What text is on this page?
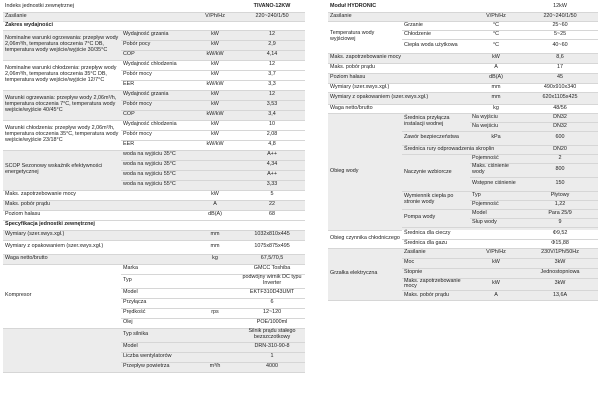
Indeks jednostki zewnętrznej			TIVANO-12KW
Zasilanie		V/Ph/Hz	220~240/1/50
Zakres wydajności			
Nominalne warunki ogrzewania: przepływ wody 2,06m³/h, temperatura otoczenia 7°C DB, temperatura wody wejście/wyjście 30/35°C	Wydajność grzania	kW	12
	Pobór pocy	kW	2,9
	COP	kW/kW	4,14
Nominalne warunki chłodzenia: przepływ wody 2,06m³/h, temperatura otoczenia 35°C DB, temperatura wody wejście/wyjście 12/7°C	Wydajność chłodzenia	kW	12
	Pobór mocy	kW	3,7
	EER	kW/kW	3,3
Warunki ogrzewania: przepływ wody 2,06m³/h, temperatura otoczenia 7°C, temperatura wody wejście/wyjście 40/45°C	Wydajność grzania	kW	12
	Pobór mocy	kW	3,53
	COP	kW/kW	3,4
Warunki chłodzenia: przepływ wody 2,06m³/h, temperatura otoczenia 35°C, temperatura wody wejście/wyjście 23/18°C	Wydajność chłodzenia	kW	10
	Pobór mocy	kW	2,08
	EER	kW/kW	4,8
SCOP Sezonowy wskaźnik efektywności energetycznej	woda na wyjściu 35°C		A++
	woda na wyjściu 35°C		4,34
	woda na wyjściu 55°C		A++
	woda na wyjściu 55°C		3,33
Maks. zapotrzebowanie mocy		kW	5
Maks. pobór prądu		A	22
Poziom hałasu		dB(A)	68
Specyfikacja jednostki zewnętrznej			
Wymiary (szer.xwys.xgł.)		mm	1032x810x445
Wymiary z opakowaniem (szer.xwys.xgł.)		mm	1075x875x495
Waga netto/brutto		kg	67,5/70,5
Kompresor	Marka		GMCC Toshiba
	Typ		podwójny wirnik DC typu Inverter
	Model		EKTF310D43UMT
	Przyłącza		6
	Prędkość	rps	12~120
	Olej		POE/1000ml
	Typ silnika		Silnik prądu stałego bezszczotkowy
	Model		DRN-310-90-8
	Liczba wentylatorów		1
	Przepływ powietrza	m³/h	4000
Moduł HYDRONIC			12kW
Zasilanie		V/Ph/Hz	220~240/1/50
Temperatura wody wyjściowej	Grzanie	°C	25~60
	Chłodzenie	°C	5~25
	Ciepła woda użytkowa	°C	40~60
Maks. zapotrzebowanie mocy		kW	8,6
Maks. pobór prądu		A	17
Poziom hałasu		dB(A)	45
Wymiary (szer.xwys.xgł.)		mm	490x910x340
Wymiary z opakowaniem (szer.xwys.xgł.)		mm	620x1105x425
Waga netto/brutto		kg	48/56
Obieg wody	Średnica przyłącza instalacji wodnej	Na wyjściu	DN32
		Na wejściu	DN32
	Zawór bezpieczeństwa	kPa	600
	Średnica rury odprowadzenia skroplin		DN20
	Naczynie wzbiorcze	Pojemność	2
		Maks. ciśnienie wody	800
		Wstępne ciśnienie	150
	Wymiennik ciepła po stronie wody	Typ	Płytowy
		Pojemność	1,22
	Pompa wody	Model	Para 25/9
		Słup wody	9

Obieg czynnika chłodniczego	Średnica dla cieczy		Φ9,52
	Średnica dla gazu		Φ15,88
Grzałka elektryczna	Zasilanie	V/Ph/Hz	230V/1Ph/50Hz
	Moc	kW	3kW
	Stopnie		Jednostopniowa
	Maks. zapotrzebowanie mocy	kW	3kW
	Maks. pobór prądu	A	13,6A
